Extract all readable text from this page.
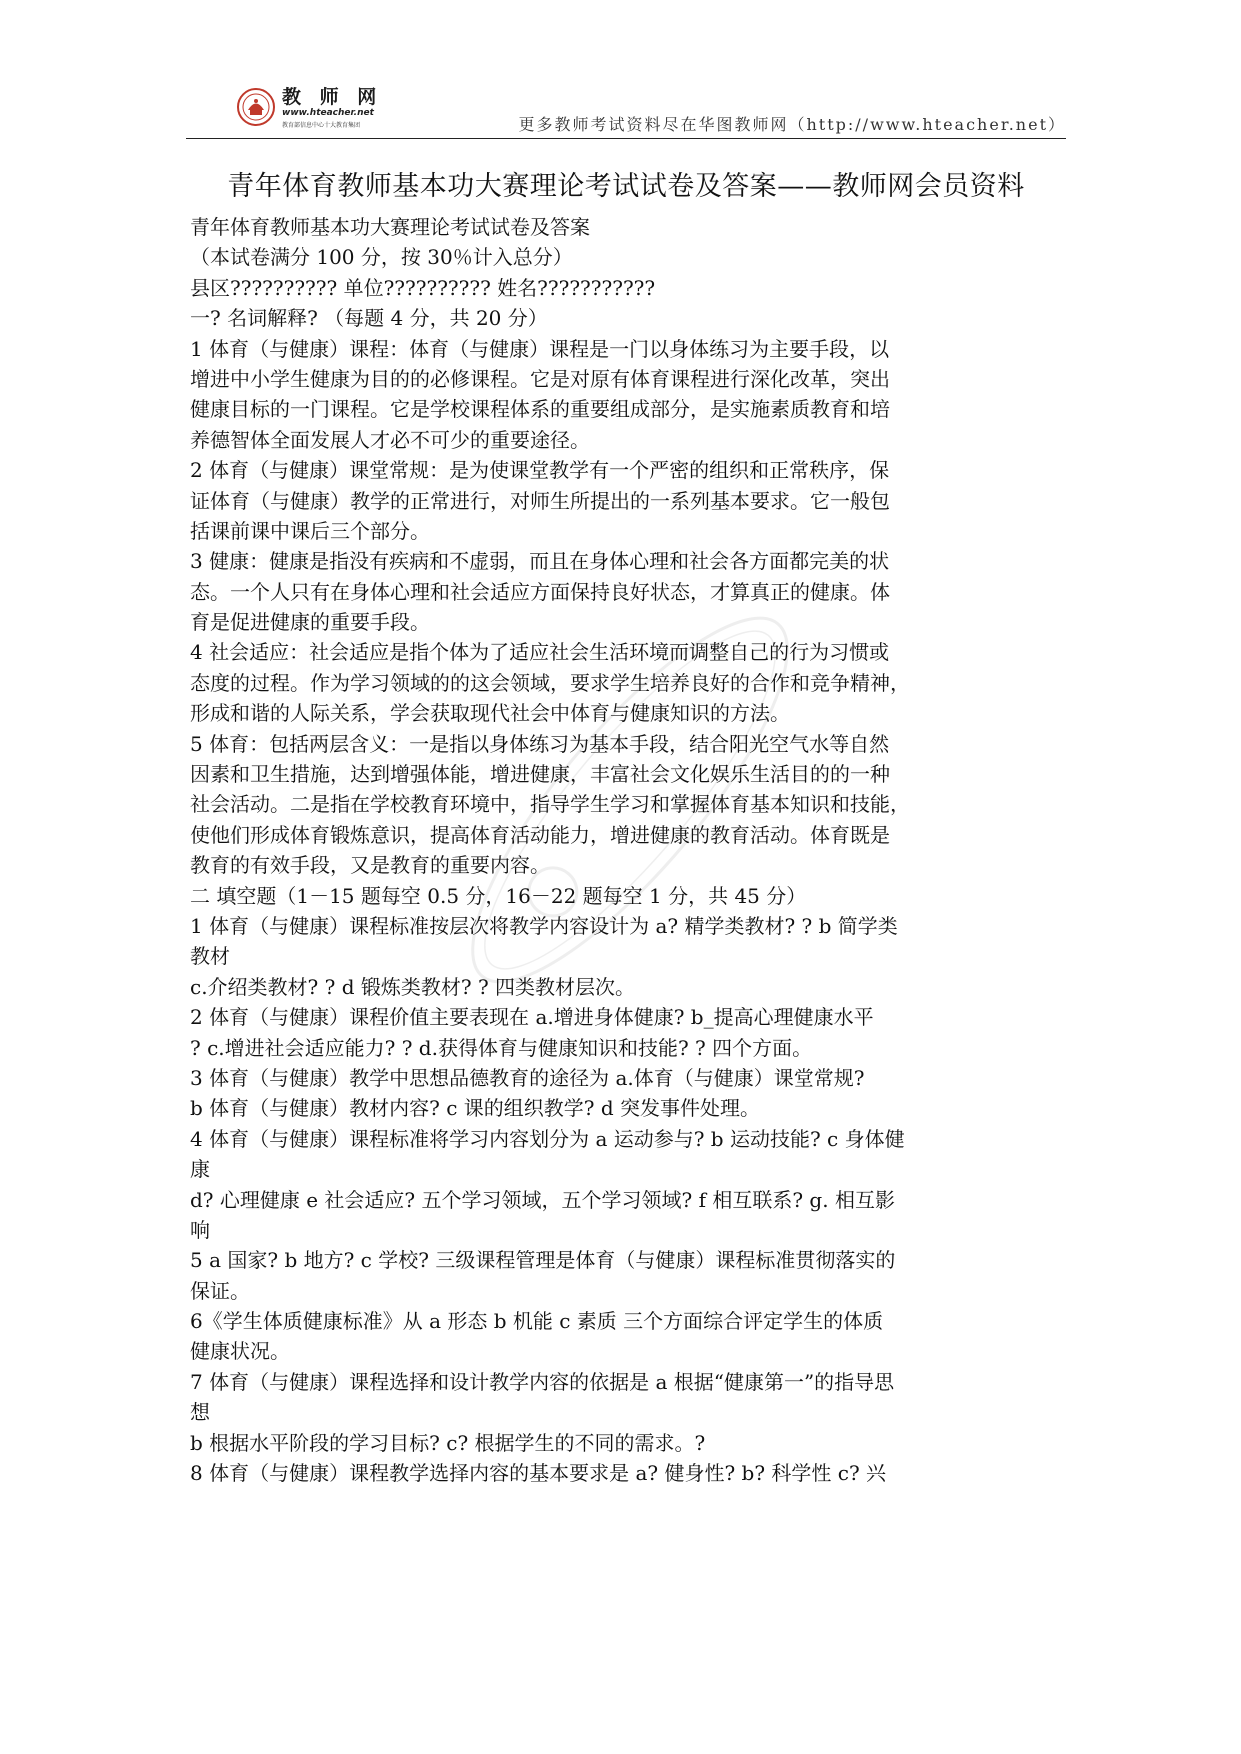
教 师 网
www.hteacher.net
教育部信息中心十大教育集团	更多教师考试资料尽在华图教师网（http://www.hteacher.net）
青年体育教师基本功大赛理论考试试卷及答案——教师网会员资料
青年体育教师基本功大赛理论考试试卷及答案
（本试卷满分 100 分，按 30％计入总分）
县区?????????? 单位?????????? 姓名???????????
一? 名词解释? （每题 4 分，共 20 分）
1 体育（与健康）课程：体育（与健康）课程是一门以身体练习为主要手段，以
增进中小学生健康为目的的必修课程。它是对原有体育课程进行深化改革，突出
健康目标的一门课程。它是学校课程体系的重要组成部分，是实施素质教育和培
养德智体全面发展人才必不可少的重要途径。
2 体育（与健康）课堂常规：是为使课堂教学有一个严密的组织和正常秩序，保
证体育（与健康）教学的正常进行，对师生所提出的一系列基本要求。它一般包
括课前课中课后三个部分。
3 健康：健康是指没有疾病和不虚弱，而且在身体心理和社会各方面都完美的状
态。一个人只有在身体心理和社会适应方面保持良好状态，才算真正的健康。体
育是促进健康的重要手段。
4 社会适应：社会适应是指个体为了适应社会生活环境而调整自己的行为习惯或
态度的过程。作为学习领域的的这会领域，要求学生培养良好的合作和竞争精神，
形成和谐的人际关系，学会获取现代社会中体育与健康知识的方法。
5 体育：包括两层含义：一是指以身体练习为基本手段，结合阳光空气水等自然
因素和卫生措施，达到增强体能，增进健康，丰富社会文化娱乐生活目的的一种
社会活动。二是指在学校教育环境中，指导学生学习和掌握体育基本知识和技能，
使他们形成体育锻炼意识，提高体育活动能力，增进健康的教育活动。体育既是
教育的有效手段，又是教育的重要内容。
二 填空题（1－15 题每空 0.5 分，16－22 题每空 1 分，共 45 分）
1 体育（与健康）课程标准按层次将教学内容设计为 a? 精学类教材? ? b 简学类
教材
c.介绍类教材? ? d 锻炼类教材? ? 四类教材层次。
2 体育（与健康）课程价值主要表现在 a.增进身体健康? b_提高心理健康水平
? c.增进社会适应能力? ? d.获得体育与健康知识和技能? ? 四个方面。
3 体育（与健康）教学中思想品德教育的途径为 a.体育（与健康）课堂常规?
b 体育（与健康）教材内容? c 课的组织教学? d 突发事件处理。
4 体育（与健康）课程标准将学习内容划分为 a 运动参与? b 运动技能? c 身体健
康
d? 心理健康 e 社会适应? 五个学习领域，五个学习领域? f 相互联系? g. 相互影
响
5 a 国家? b 地方? c 学校? 三级课程管理是体育（与健康）课程标准贯彻落实的
保证。
6《学生体质健康标准》从 a 形态 b 机能 c 素质 三个方面综合评定学生的体质
健康状况。
7 体育（与健康）课程选择和设计教学内容的依据是 a 根据“健康第一”的指导思
想
b 根据水平阶段的学习目标? c? 根据学生的不同的需求。?
8 体育（与健康）课程教学选择内容的基本要求是 a? 健身性? b? 科学性 c? 兴
